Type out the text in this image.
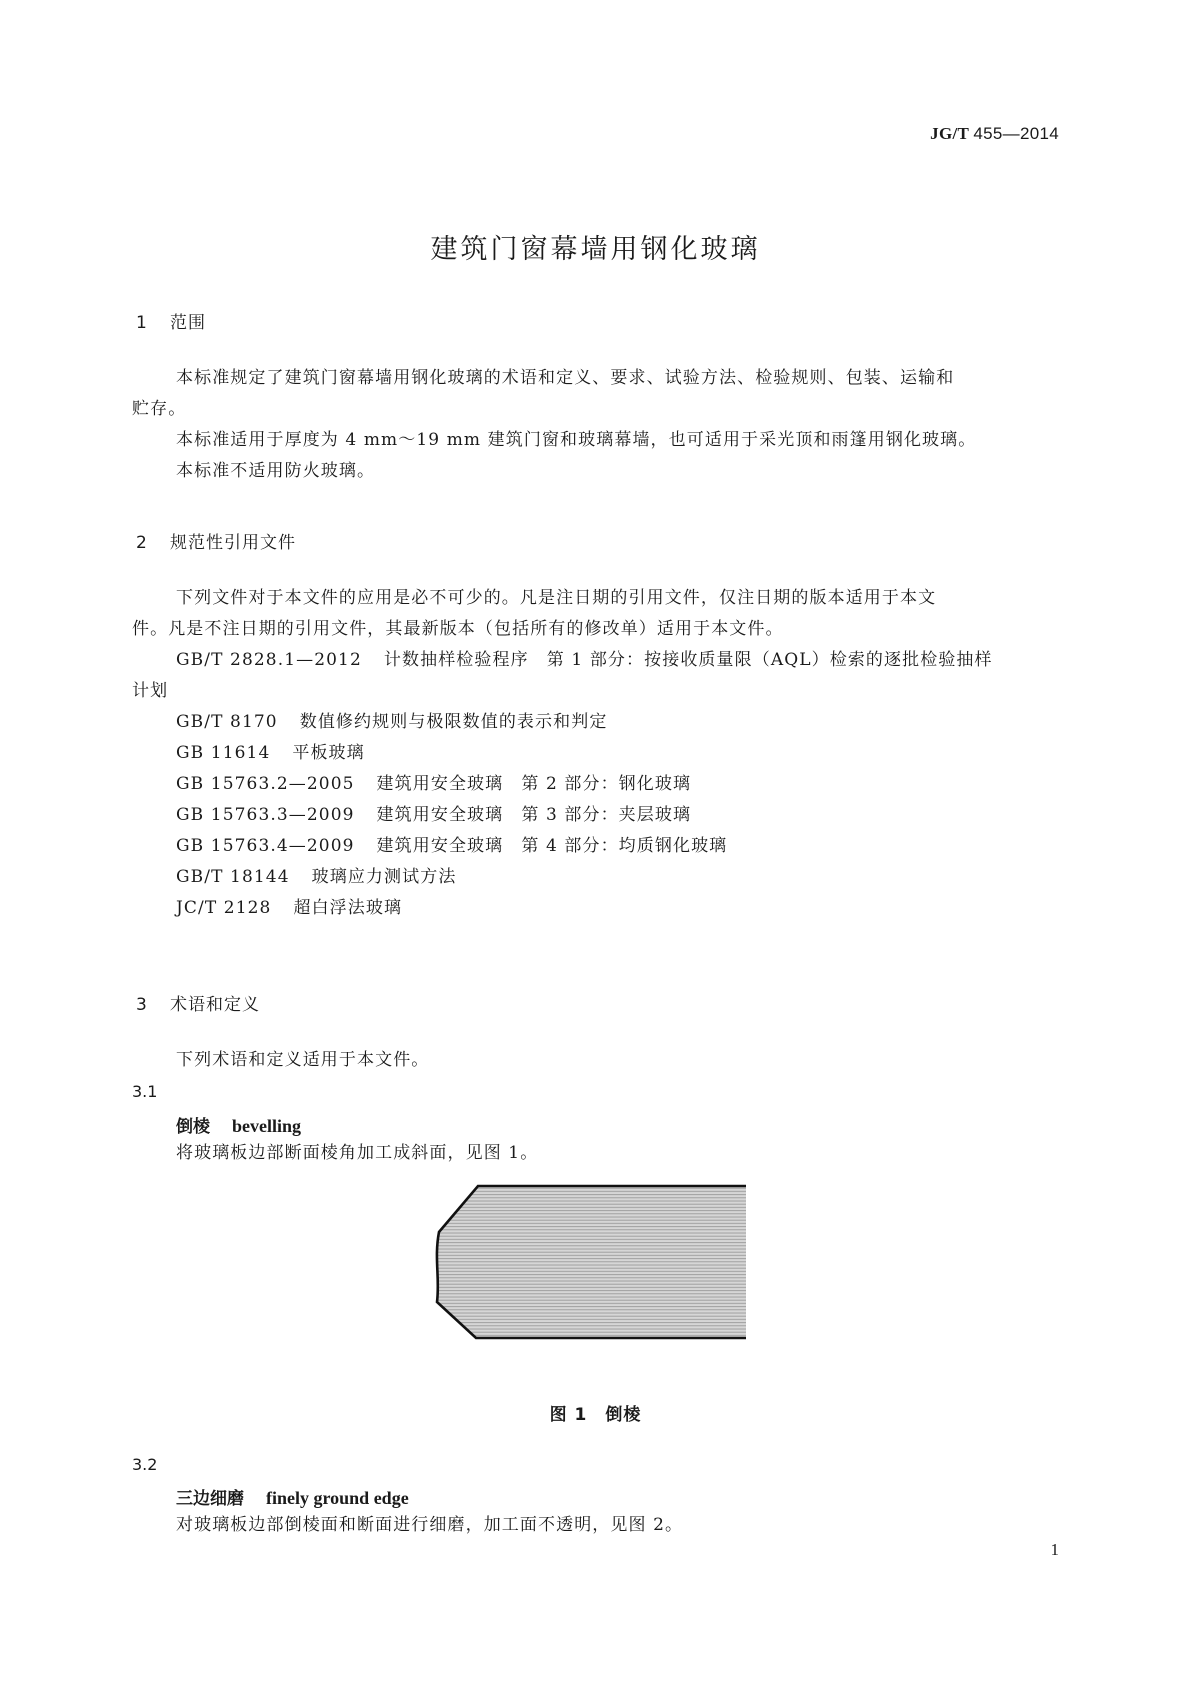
JG/T 455—2014
建筑门窗幕墙用钢化玻璃
1 范围
本标准规定了建筑门窗幕墙用钢化玻璃的术语和定义、要求、试验方法、检验规则、包装、运输和
贮存。
本标准适用于厚度为 4 mm～19 mm 建筑门窗和玻璃幕墙，也可适用于采光顶和雨篷用钢化玻璃。
本标准不适用防火玻璃。
2 规范性引用文件
下列文件对于本文件的应用是必不可少的。凡是注日期的引用文件，仅注日期的版本适用于本文
件。凡是不注日期的引用文件，其最新版本（包括所有的修改单）适用于本文件。
GB/T 2828.1—2012 计数抽样检验程序　第 1 部分：按接收质量限（AQL）检索的逐批检验抽样
计划
GB/T 8170 数值修约规则与极限数值的表示和判定
GB 11614 平板玻璃
GB 15763.2—2005 建筑用安全玻璃　第 2 部分：钢化玻璃
GB 15763.3—2009 建筑用安全玻璃　第 3 部分：夹层玻璃
GB 15763.4—2009 建筑用安全玻璃　第 4 部分：均质钢化玻璃
GB/T 18144 玻璃应力测试方法
JC/T 2128 超白浮法玻璃
3 术语和定义
下列术语和定义适用于本文件。
3.1
倒棱 bevelling
将玻璃板边部断面棱角加工成斜面，见图 1。
图 1　倒棱
3.2
三边细磨 finely ground edge
对玻璃板边部倒棱面和断面进行细磨，加工面不透明，见图 2。
1
